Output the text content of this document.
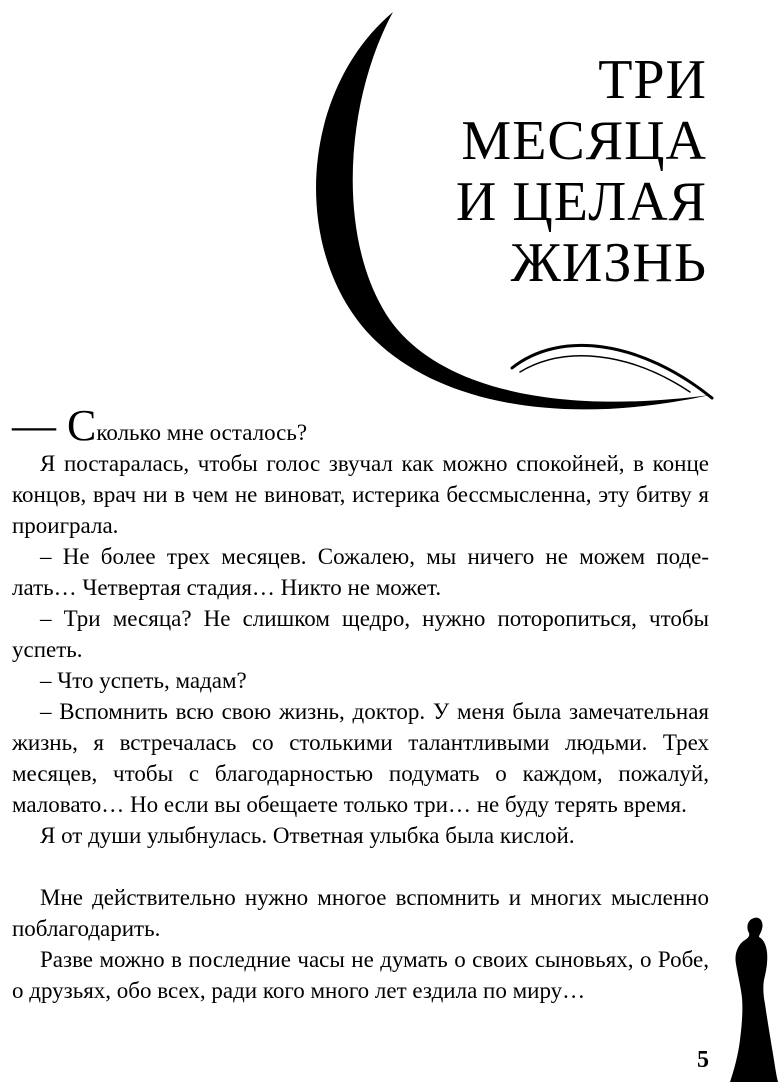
ТРИ
МЕСЯЦА
И ЦЕЛАЯ
ЖИЗНЬ

— Сколько мне осталось?

Я постаралась, чтобы голос звучал как можно спокойней, в конце концов, врач ни в чем не виноват, истерика бессмысленна, эту битву я проиграла.

– Не более трех месяцев. Сожалею, мы ничего не можем поделать… Четвертая стадия… Никто не может.

– Три месяца? Не слишком щедро, нужно поторопиться, чтобы успеть.

– Что успеть, мадам?

– Вспомнить всю свою жизнь, доктор. У меня была замечательная жизнь, я встречалась со столькими талантливыми людьми. Трех месяцев, чтобы с благодарностью подумать о каждом, пожалуй, маловато… Но если вы обещаете только три… не буду терять время.

Я от души улыбнулась. Ответная улыбка была кислой.

Мне действительно нужно многое вспомнить и многих мысленно поблагодарить.

Разве можно в последние часы не думать о своих сыновьях, о Робе, о друзьях, обо всех, ради кого много лет ездила по миру…

5
